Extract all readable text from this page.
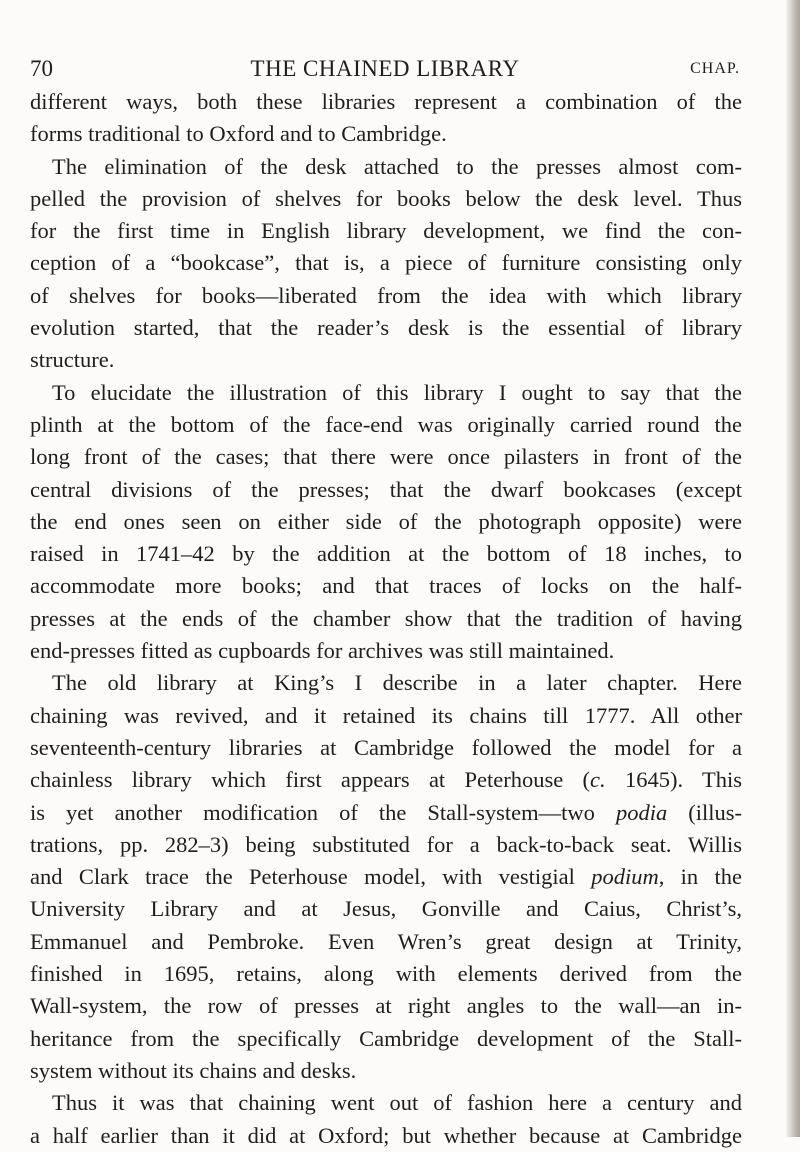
70	THE CHAINED LIBRARY	CHAP.
different ways, both these libraries represent a combination of the
forms traditional to Oxford and to Cambridge.
The elimination of the desk attached to the presses almost com-
pelled the provision of shelves for books below the desk level. Thus
for the first time in English library development, we find the con-
ception of a “bookcase”, that is, a piece of furniture consisting only
of shelves for books—liberated from the idea with which library
evolution started, that the reader’s desk is the essential of library
structure.
To elucidate the illustration of this library I ought to say that the
plinth at the bottom of the face-end was originally carried round the
long front of the cases; that there were once pilasters in front of the
central divisions of the presses; that the dwarf bookcases (except
the end ones seen on either side of the photograph opposite) were
raised in 1741–42 by the addition at the bottom of 18 inches, to
accommodate more books; and that traces of locks on the half-
presses at the ends of the chamber show that the tradition of having
end-presses fitted as cupboards for archives was still maintained.
The old library at King’s I describe in a later chapter. Here
chaining was revived, and it retained its chains till 1777. All other
seventeenth-century libraries at Cambridge followed the model for a
chainless library which first appears at Peterhouse (c. 1645). This
is yet another modification of the Stall-system—two podia (illus-
trations, pp. 282–3) being substituted for a back-to-back seat. Willis
and Clark trace the Peterhouse model, with vestigial podium, in the
University Library and at Jesus, Gonville and Caius, Christ’s,
Emmanuel and Pembroke. Even Wren’s great design at Trinity,
finished in 1695, retains, along with elements derived from the
Wall-system, the row of presses at right angles to the wall—an in-
heritance from the specifically Cambridge development of the Stall-
system without its chains and desks.
Thus it was that chaining went out of fashion here a century and
a half earlier than it did at Oxford; but whether because at Cambridge
